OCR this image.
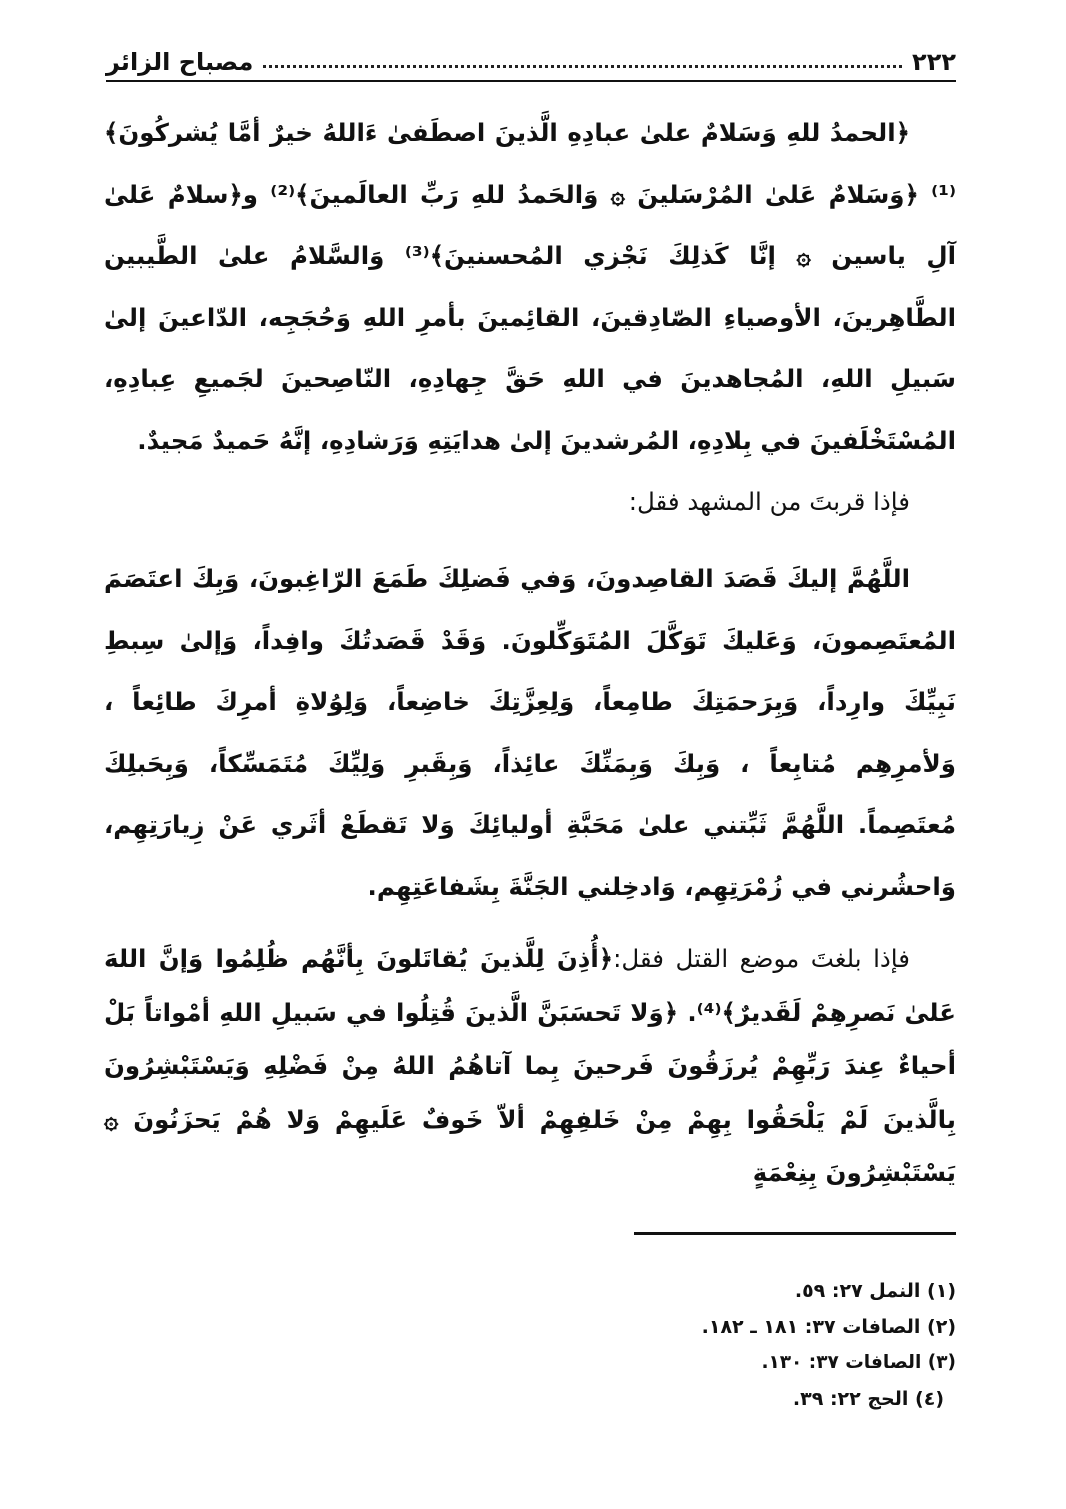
٢٢٢
مصباح الزائر
﴿الحمدُ للهِ وَسَلامٌ علىٰ عبادِهِ الَّذينَ اصطَفىٰ ءَاللهُ خيرٌ أمَّا يُشركُونَ﴾⁽¹⁾ ﴿وَسَلامٌ عَلىٰ المُرْسَلينَ ۞ وَالحَمدُ للهِ رَبِّ العالَمينَ﴾⁽²⁾ و﴿سلامٌ عَلىٰ آلِ ياسين ۞ إنَّا كَذلِكَ نَجْزي المُحسنينَ﴾⁽³⁾ وَالسَّلامُ علىٰ الطَّيبين الطَّاهِرينَ، الأوصياءِ الصّادِقينَ، القائِمينَ بأمرِ اللهِ وَحُجَجِه، الدّاعينَ إلىٰ سَبيلِ اللهِ، المُجاهدينَ في اللهِ حَقَّ جِهادِهِ، النّاصِحينَ لجَميعِ عِبادِهِ، المُسْتَخْلَفينَ في بِلادِهِ، المُرشدينَ إلىٰ هدايَتِهِ وَرَشادِهِ، إنَّهُ حَميدٌ مَجيدٌ.
فإذا قربتَ من المشهد فقل:
اللَّهُمَّ إليكَ قَصَدَ القاصِدونَ، وَفي فَضلِكَ طَمَعَ الرّاغِبونَ، وَبِكَ اعتَصَمَ المُعتَصِمونَ، وَعَليكَ تَوَكَّلَ المُتَوَكِّلونَ. وَقَدْ قَصَدتُكَ وافِداً، وَإلىٰ سِبطِ نَبِيِّكَ وارِداً، وَبِرَحمَتِكَ طامِعاً، وَلِعِزَّتِكَ خاضِعاً، وَلِوُلاةِ أمرِكَ طائِعاً ، وَلأمرِهِم مُتابِعاً ، وَبِكَ وَبِمَنِّكَ عائِذاً، وَبِقَبرِ وَلِيِّكَ مُتَمَسِّكاً، وَبِحَبلِكَ مُعتَصِماً. اللَّهُمَّ ثَبِّتني علىٰ مَحَبَّةِ أوليائِكَ وَلا تَقطَعْ أثَري عَنْ زِيارَتِهِم، وَاحشُرني في زُمْرَتِهِم، وَادخِلني الجَنَّةَ بِشَفاعَتِهِم.
فإذا بلغتَ موضع القتل فقل:﴿أُذِنَ لِلَّذينَ يُقاتَلونَ بِأنَّهُم ظُلِمُوا وَإنَّ اللهَ عَلىٰ نَصرِهِمْ لَقَديرٌ﴾⁽⁴⁾. ﴿وَلا تَحسَبَنَّ الَّذينَ قُتِلُوا في سَبيلِ اللهِ أمْواتاً بَلْ أحياءٌ عِندَ رَبِّهِمْ يُرزَقُونَ فَرحينَ بِما آتاهُمُ اللهُ مِنْ فَضْلِهِ وَيَسْتَبْشِرُونَ بِالَّذينَ لَمْ يَلْحَقُوا بِهِمْ مِنْ خَلفِهِمْ ألاّ خَوفٌ عَلَيهِمْ وَلا هُمْ يَحزَنُونَ ۞ يَسْتَبْشِرُونَ بِنِعْمَةٍ
(١) النمل ٢٧: ٥٩.
(٢) الصافات ٣٧: ١٨١ ـ ١٨٢.
(٣) الصافات ٣٧: ١٣٠.
(٤) الحج ٢٢: ٣٩.
